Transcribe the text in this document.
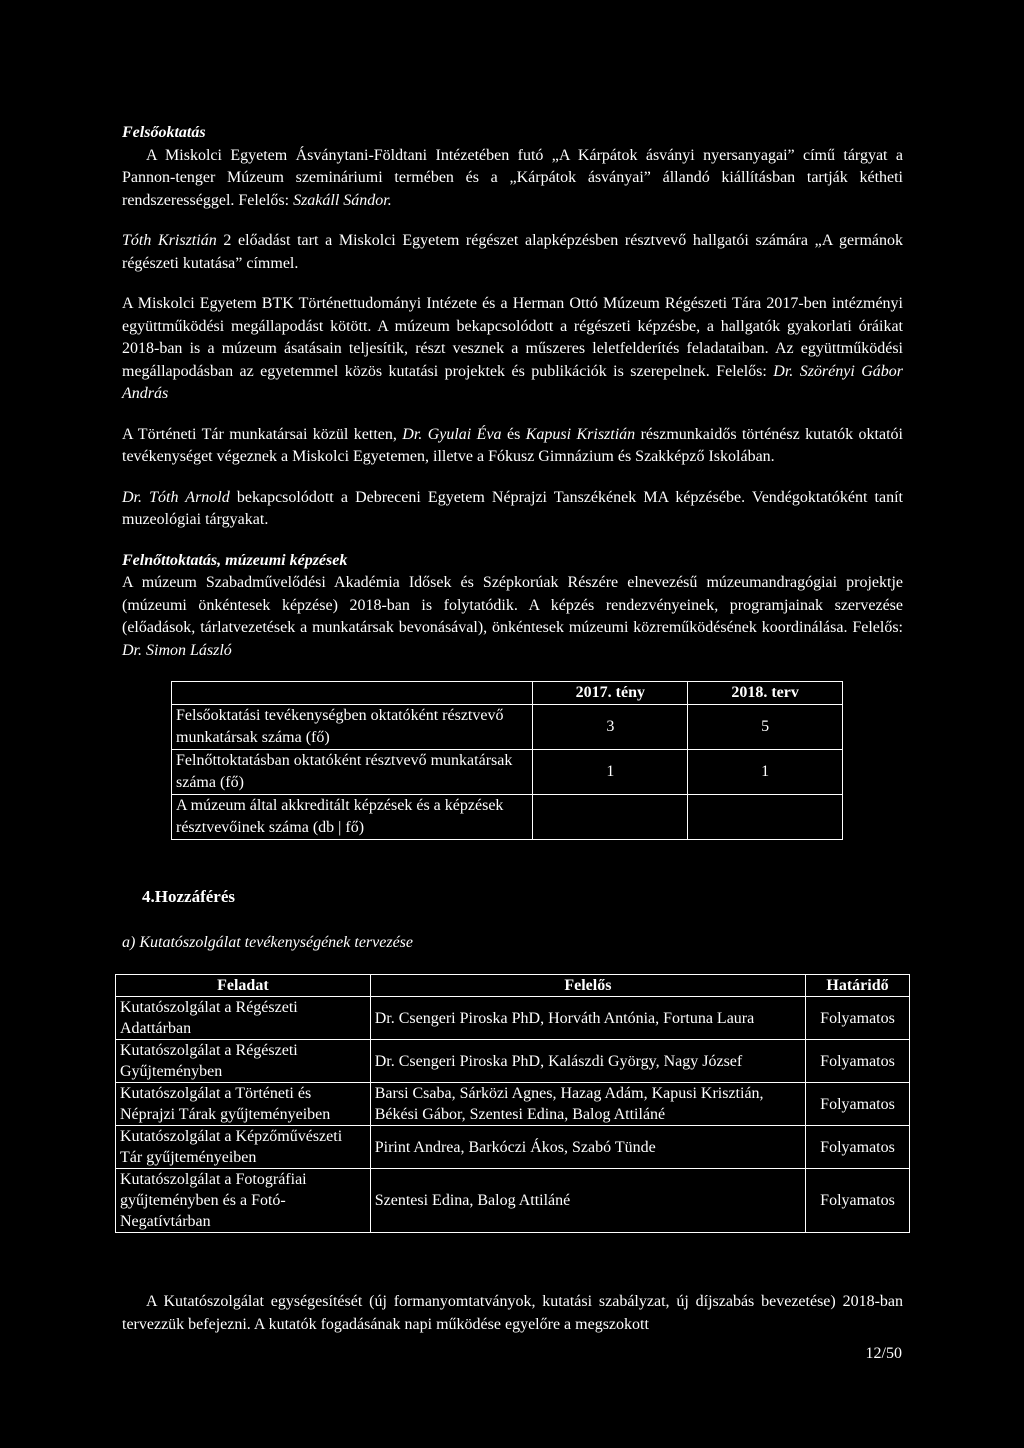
Felsőoktatás

A Miskolci Egyetem Ásványtani-Földtani Intézetében futó „A Kárpátok ásványi nyersanyagai” című tárgyat a Pannon-tenger Múzeum szemináriumi termében és a „Kárpátok ásványai” állandó kiállításban tartják kétheti rendszerességgel. Felelős: Szakáll Sándor.

Tóth Krisztián 2 előadást tart a Miskolci Egyetem régészet alapképzésben résztvevő hallgatói számára „A germánok régészeti kutatása” címmel.

A Miskolci Egyetem BTK Történettudományi Intézete és a Herman Ottó Múzeum Régészeti Tára 2017-ben intézményi együttműködési megállapodást kötött. A múzeum bekapcsolódott a régészeti képzésbe, a hallgatók gyakorlati óráikat 2018-ban is a múzeum ásatásain teljesítik, részt vesznek a műszeres leletfelderítés feladataiban. Az együttműködési megállapodásban az egyetemmel közös kutatási projektek és publikációk is szerepelnek. Felelős: Dr. Szörényi Gábor András

A Történeti Tár munkatársai közül ketten, Dr. Gyulai Éva és Kapusi Krisztián részmunkaidős történész kutatók oktatói tevékenységet végeznek a Miskolci Egyetemen, illetve a Fókusz Gimnázium és Szakképző Iskolában.

Dr. Tóth Arnold bekapcsolódott a Debreceni Egyetem Néprajzi Tanszékének MA képzésébe. Vendégoktatóként tanít muzeológiai tárgyakat.

Felnőttoktatás, múzeumi képzések

A múzeum Szabadművelődési Akadémia Idősek és Szépkorúak Részére elnevezésű múzeumandragógiai projektje (múzeumi önkéntesek képzése) 2018-ban is folytatódik. A képzés rendezvényeinek, programjainak szervezése (előadások, tárlatvezetések a munkatársak bevonásával), önkéntesek múzeumi közreműködésének koordinálása. Felelős: Dr. Simon László

	2017. tény	2018. terv
Felsőoktatási tevékenységben oktatóként résztvevő munkatársak száma (fő)	3	5
Felnőttoktatásban oktatóként résztvevő munkatársak száma (fő)	1	1
A múzeum által akkreditált képzések és a képzések résztvevőinek száma (db | fő)		
4.Hozzáférés
a) Kutatószolgálat tevékenységének tervezése
Feladat	Felelős	Határidő
Kutatószolgálat a Régészeti Adattárban	Dr. Csengeri Piroska PhD, Horváth Antónia, Fortuna Laura	Folyamatos
Kutatószolgálat a Régészeti Gyűjteményben	Dr. Csengeri Piroska PhD, Kalászdi György, Nagy József	Folyamatos
Kutatószolgálat a Történeti és Néprajzi Tárak gyűjteményeiben	Barsi Csaba, Sárközi Agnes, Hazag Adám, Kapusi Krisztián, Békési Gábor, Szentesi Edina, Balog Attiláné	Folyamatos
Kutatószolgálat a Képzőművészeti Tár gyűjteményeiben	Pirint Andrea, Barkóczi Ákos, Szabó Tünde	Folyamatos
Kutatószolgálat a Fotográfiai gyűjteményben és a Fotó-Negatívtárban	Szentesi Edina, Balog Attiláné	Folyamatos

A Kutatószolgálat egységesítését (új formanyomtatványok, kutatási szabályzat, új díjszabás bevezetése) 2018-ban tervezzük befejezni. A kutatók fogadásának napi működése egyelőre a megszokott

12/50
